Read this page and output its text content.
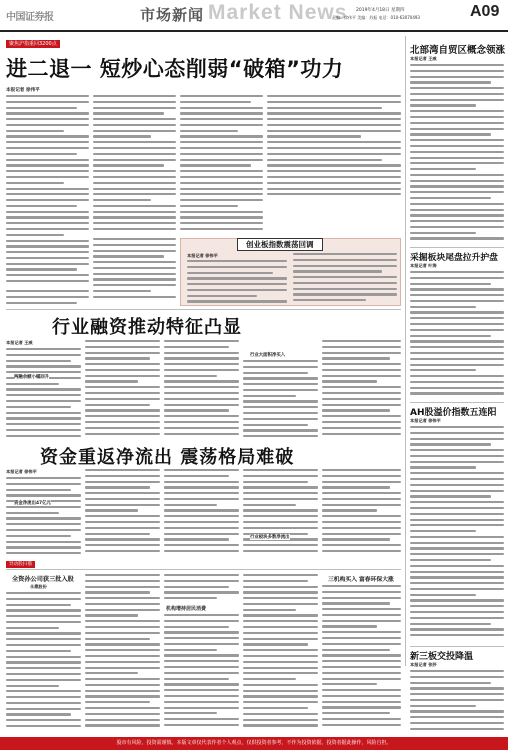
中国证券报	市场新闻 Market News 2019年4月18日 星期四
责编：徐伟平 美编：苏振 电话：010-63070493	A09
聚焦沪指重回3200点
进二退一 短炒心态削弱“破箱”功力
本报记者 徐伟平
创业板指数震荡回调
本报记者 徐伟平
北部湾自贸区概念领涨
本报记者 王威
采掘板块尾盘拉升护盘
本报记者 叶涛
AH股溢价指数五连阳
本报记者 徐伟平
新三板交投降温
本报记者 张莎
行业融资推动特征凸显
本报记者 王威
两融余额小幅回升
行业大面积净买入
资金重返净流出 震荡格局难破
本报记者 徐伟平
资金净流出47亿元
行业板块多数净流出
异动股扫描
全资孙公司获三批入股
永鼎股份
机构增持居民消费
三机构买入 富春环保大涨
股市有风险，投资需谨慎。本版文章仅代表作者个人观点，仅供投资者参考，不作为投资依据。投资者据此操作，风险自担。
